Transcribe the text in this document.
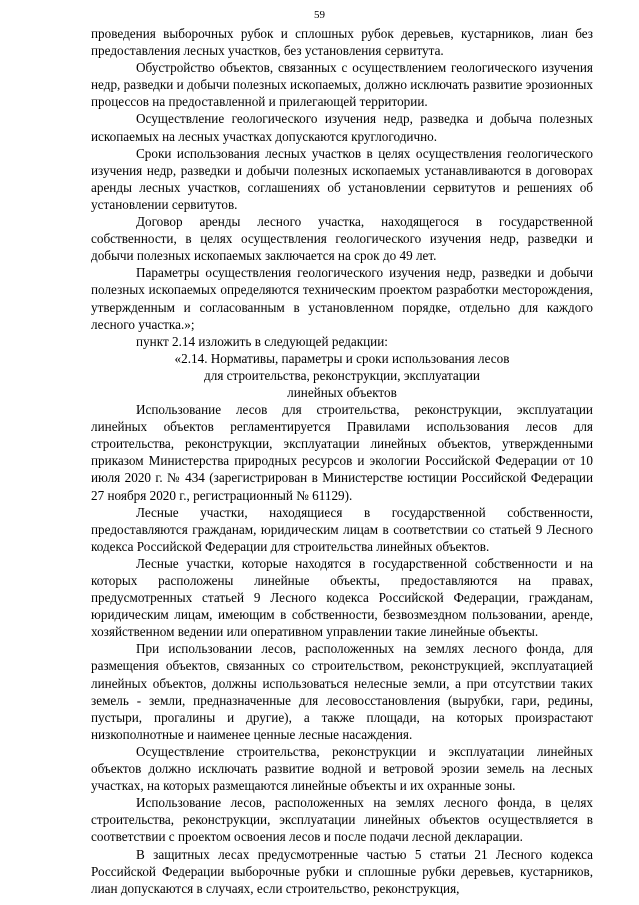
59

проведения выборочных рубок и сплошных рубок деревьев, кустарников, лиан без предоставления лесных участков, без установления сервитута.

Обустройство объектов, связанных с осуществлением геологического изучения недр, разведки и добычи полезных ископаемых, должно исключать развитие эрозионных процессов на предоставленной и прилегающей территории.

Осуществление геологического изучения недр, разведка и добыча полезных ископаемых на лесных участках допускаются круглогодично.

Сроки использования лесных участков в целях осуществления геологического изучения недр, разведки и добычи полезных ископаемых устанавливаются в договорах аренды лесных участков, соглашениях об установлении сервитутов и решениях об установлении сервитутов.

Договор аренды лесного участка, находящегося в государственной собственности, в целях осуществления геологического изучения недр, разведки и добычи полезных ископаемых заключается на срок до 49 лет.

Параметры осуществления геологического изучения недр, разведки и добычи полезных ископаемых определяются техническим проектом разработки месторождения, утвержденным и согласованным в установленном порядке, отдельно для каждого лесного участка.»;

пункт 2.14 изложить в следующей редакции:

«2.14. Нормативы, параметры и сроки использования лесов
для строительства, реконструкции, эксплуатации
линейных объектов

Использование лесов для строительства, реконструкции, эксплуатации линейных объектов регламентируется Правилами использования лесов для строительства, реконструкции, эксплуатации линейных объектов, утвержденными приказом Министерства природных ресурсов и экологии Российской Федерации от 10 июля 2020 г. № 434 (зарегистрирован в Министерстве юстиции Российской Федерации 27 ноября 2020 г., регистрационный № 61129).

Лесные участки, находящиеся в государственной собственности, предоставляются гражданам, юридическим лицам в соответствии со статьей 9 Лесного кодекса Российской Федерации для строительства линейных объектов.

Лесные участки, которые находятся в государственной собственности и на которых расположены линейные объекты, предоставляются на правах, предусмотренных статьей 9 Лесного кодекса Российской Федерации, гражданам, юридическим лицам, имеющим в собственности, безвозмездном пользовании, аренде, хозяйственном ведении или оперативном управлении такие линейные объекты.

При использовании лесов, расположенных на землях лесного фонда, для размещения объектов, связанных со строительством, реконструкцией, эксплуатацией линейных объектов, должны использоваться нелесные земли, а при отсутствии таких земель - земли, предназначенные для лесовосстановления (вырубки, гари, редины, пустыри, прогалины и другие), а также площади, на которых произрастают низкополнотные и наименее ценные лесные насаждения.

Осуществление строительства, реконструкции и эксплуатации линейных объектов должно исключать развитие водной и ветровой эрозии земель на лесных участках, на которых размещаются линейные объекты и их охранные зоны.

Использование лесов, расположенных на землях лесного фонда, в целях строительства, реконструкции, эксплуатации линейных объектов осуществляется в соответствии с проектом освоения лесов и после подачи лесной декларации.

В защитных лесах предусмотренные частью 5 статьи 21 Лесного кодекса Российской Федерации выборочные рубки и сплошные рубки деревьев, кустарников, лиан допускаются в случаях, если строительство, реконструкция,
